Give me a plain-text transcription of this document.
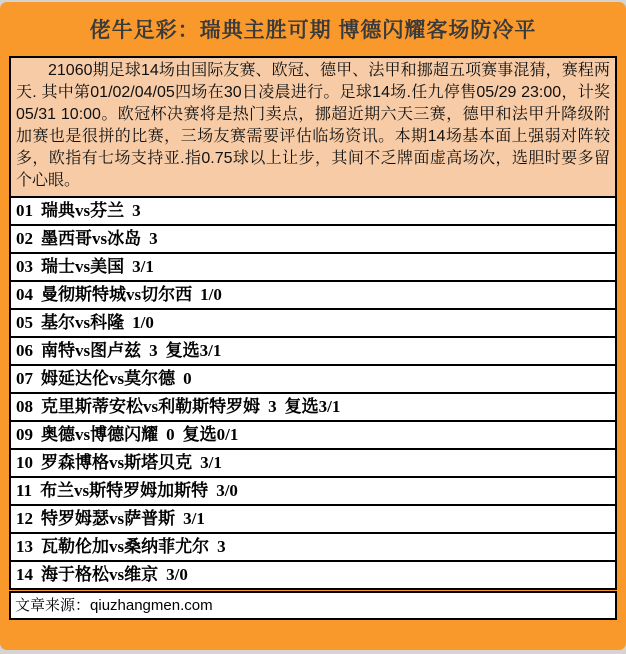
佬牛足彩：瑞典主胜可期 博德闪耀客场防冷平
21060期足球14场由国际友赛、欧冠、德甲、法甲和挪超五项赛事混猜，赛程两天. 其中第01/02/04/05四场在30日凌晨进行。足球14场.任九停售05/29 23:00，计奖05/31 10:00。欧冠杯决赛将是热门卖点，挪超近期六天三赛，德甲和法甲升降级附加赛也是很拼的比赛，三场友赛需要评估临场资讯。本期14场基本面上强弱对阵较多，欧指有七场支持亚.指0.75球以上让步，其间不乏牌面虚高场次，选胆时要多留个心眼。
01 瑞典vs芬兰 3
02 墨西哥vs冰岛 3
03 瑞士vs美国 3/1
04 曼彻斯特城vs切尔西 1/0
05 基尔vs科隆 1/0
06 南特vs图卢兹 3 复选3/1
07 姆延达伦vs莫尔德 0
08 克里斯蒂安松vs利勒斯特罗姆 3 复选3/1
09 奥德vs博德闪耀 0 复选0/1
10 罗森博格vs斯塔贝克 3/1
11 布兰vs斯特罗姆加斯特 3/0
12 特罗姆瑟vs萨普斯 3/1
13 瓦勒伦加vs桑纳菲尤尔 3
14 海于格松vs维京 3/0
文章来源：qiuzhangmen.com
